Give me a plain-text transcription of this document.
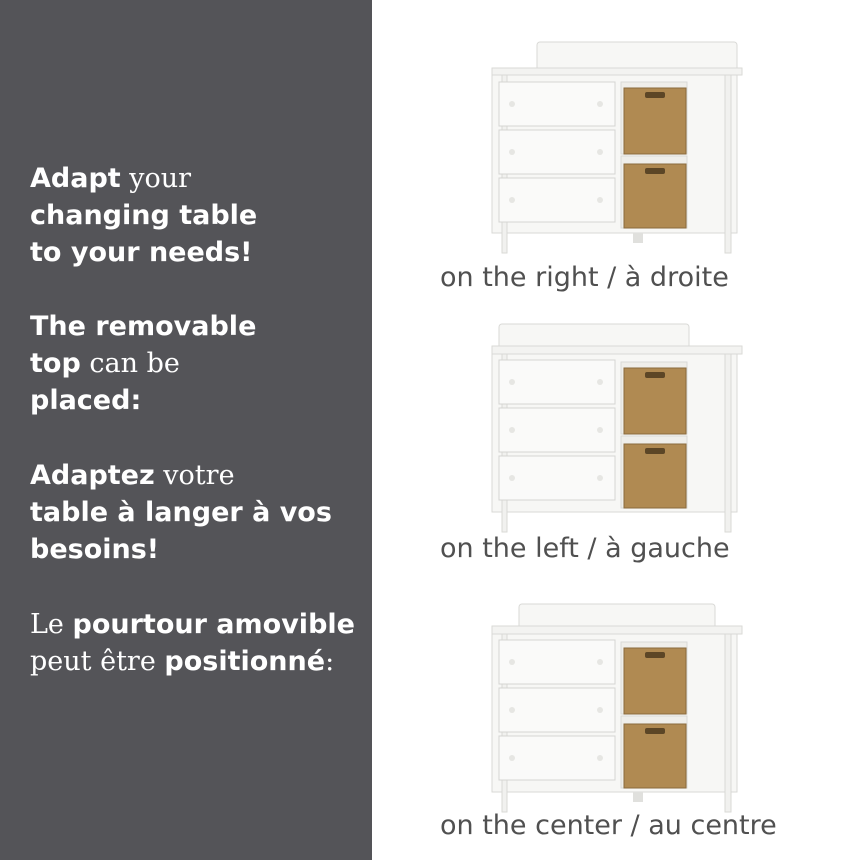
Adapt your
changing table
to your needs!
The removable
top can be
placed:
Adaptez votre
table à langer à vos
besoins!
Le pourtour amovible
peut être positionné:
on the right / à droite
on the left / à gauche
on the center / au centre
